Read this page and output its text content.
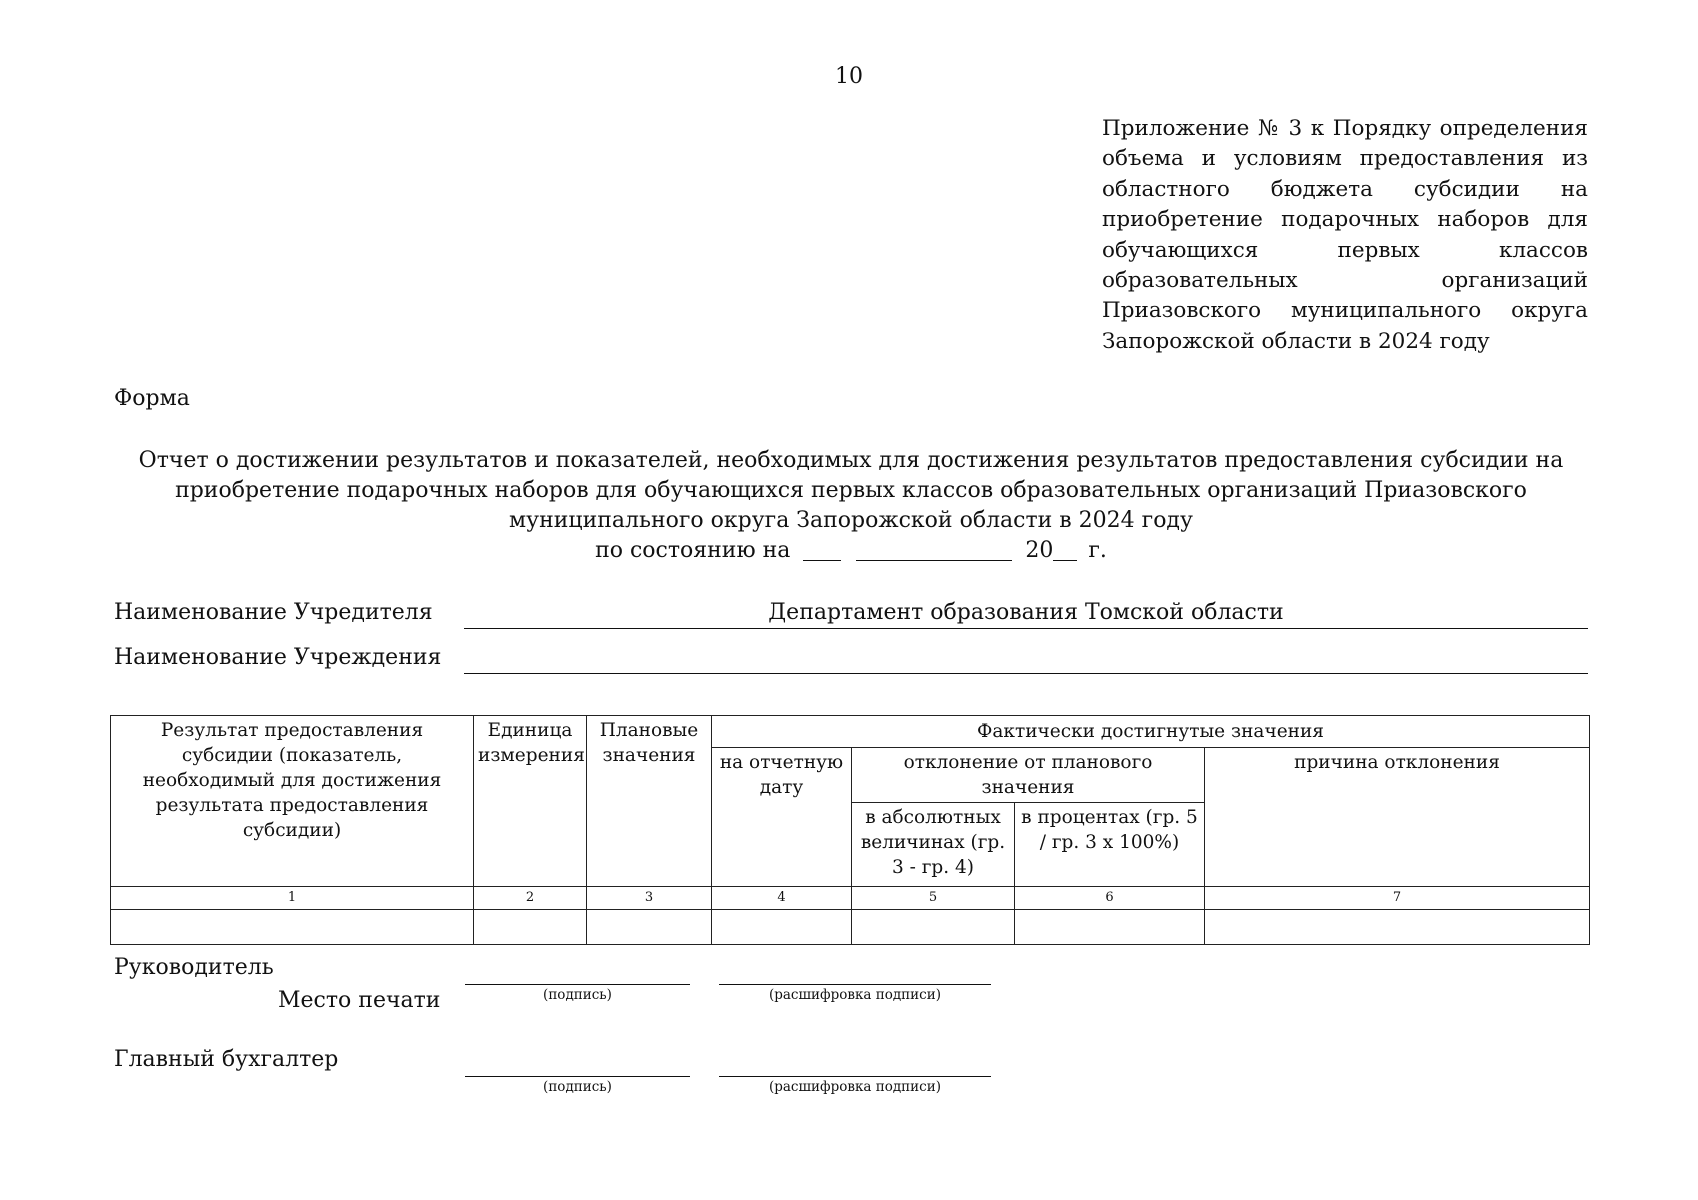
10
Приложение № 3 к Порядку определения объема и условиям предоставления из областного бюджета субсидии на приобретение подарочных наборов для обучающихся первых классов образовательных организаций Приазовского муниципального округа Запорожской области в 2024 году
Форма
Отчет о достижении результатов и показателей, необходимых для достижения результатов предоставления субсидии на
приобретение подарочных наборов для обучающихся первых классов образовательных организаций Приазовского
муниципального округа Запорожской области в 2024 году
по состоянию на	20 г.
Наименование Учредителя	Департамент образования Томской области
Наименование Учреждения
Результат предоставления субсидии (показатель, необходимый для достижения результата предоставления субсидии)	Единица измерения	Плановые значения	Фактически достигнутые значения			
			на отчетную дату	отклонение от планового значения		причина отклонения
				в абсолютных величинах (гр. 3 - гр. 4)	в процентах (гр. 5 / гр. 3 х 100%)	
1	2	3	4	5	6	7

Руководитель
Место печати	(подпись)	(расшифровка подписи)
Главный бухгалтер
(подпись)	(расшифровка подписи)
